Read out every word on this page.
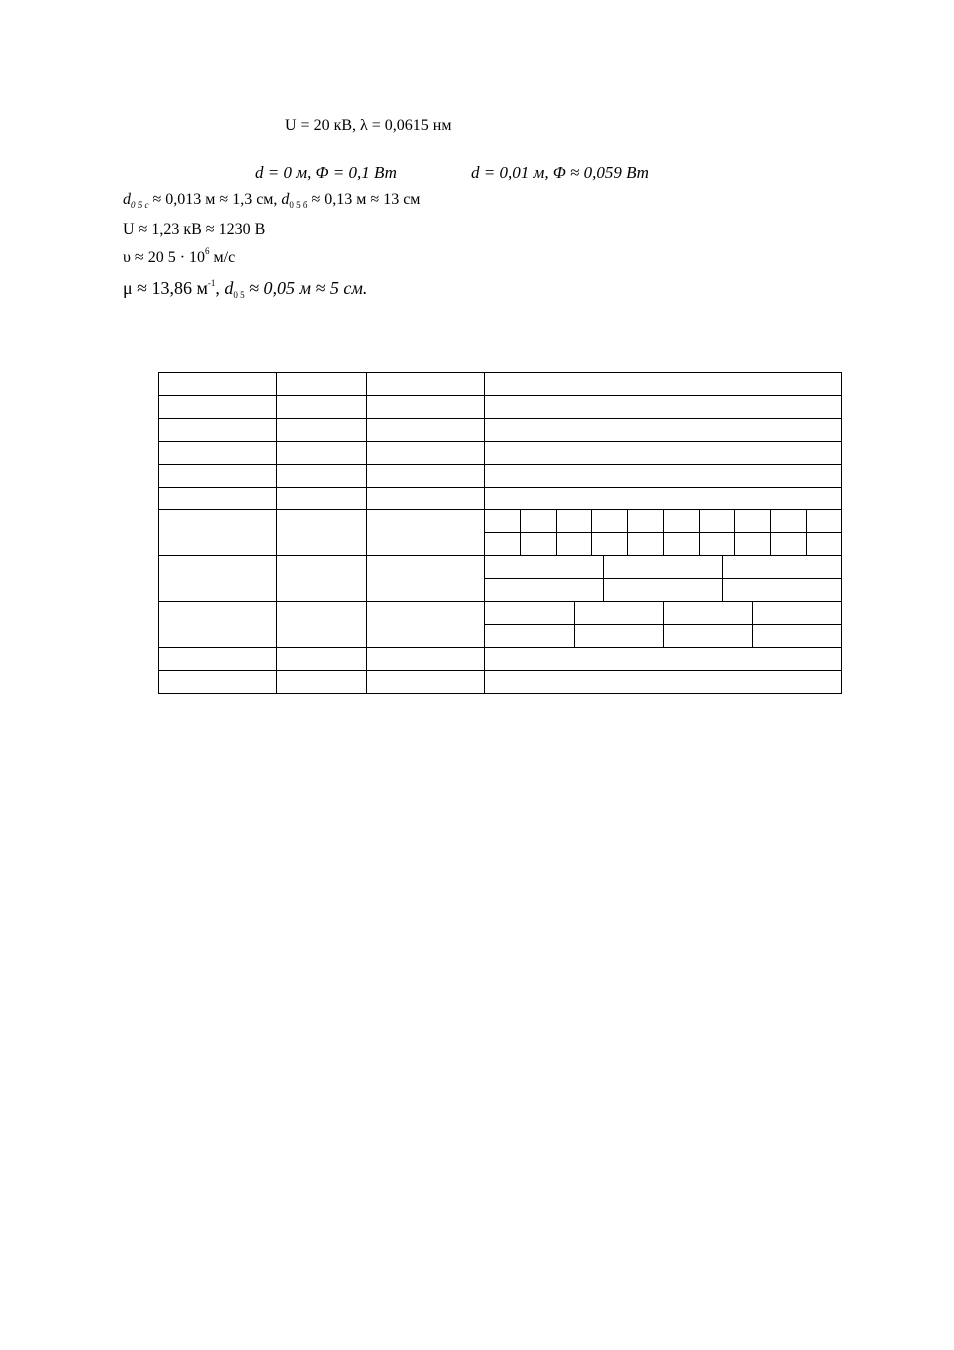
U = 20 кВ, λ = 0,0615 нм
d = 0 м, Φ = 0,1 Вт	d = 0,01 м, Φ ≈ 0,059 Вт
$d_{0 5 c} \approx 0,013$ м ≈ 1,3 см, $d_{0 5 б} \approx 0,13$ м ≈ 13 см
U ≈ 1,23 кВ ≈ 1230 В
υ ≈ 20 $5 \cdot 10^6$ м/с
μ ≈ 13,86 $м^{-1}$, $d_{0 5} \approx 0,05$ м ≈ 5 см.
